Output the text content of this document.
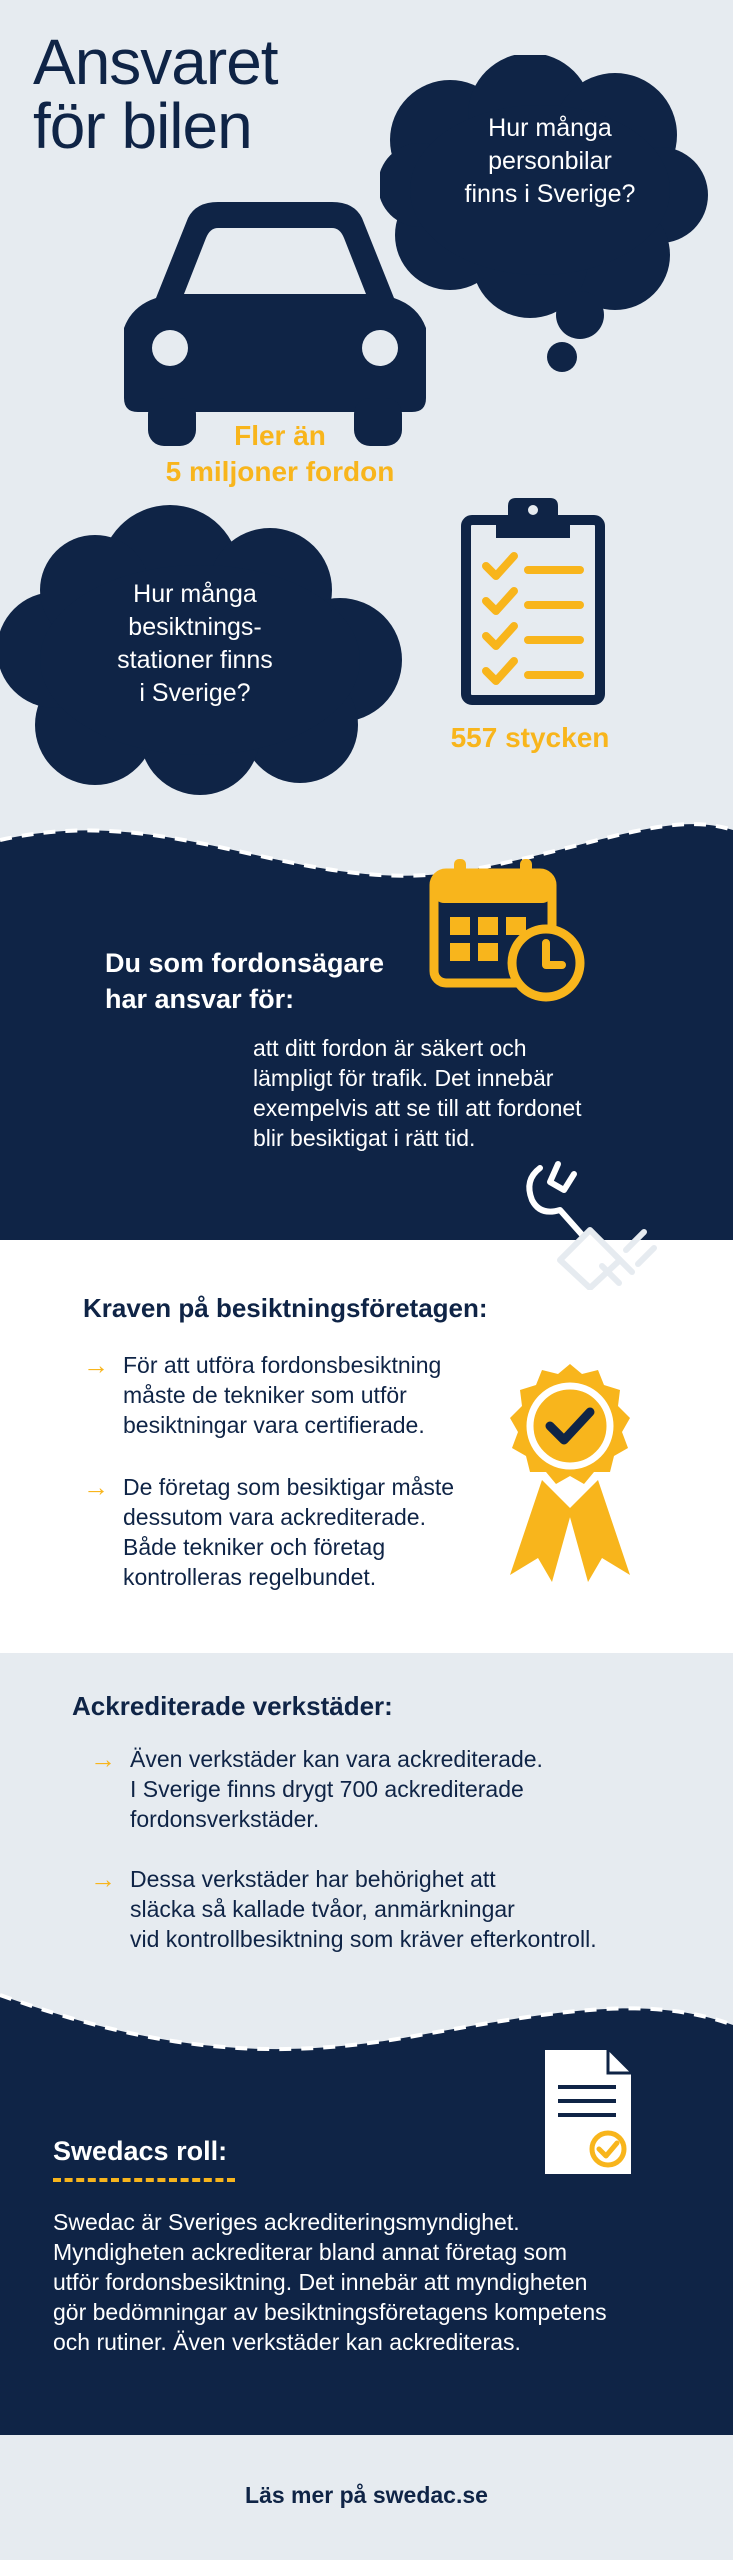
Ansvaret
för bilen	Hur många
personbilar
finns i Sverige?
Fler än
5 miljoner fordon
Hur många
besiktnings-
stationer finns
i Sverige?
557 stycken
Du som fordonsägare
har ansvar för:
att ditt fordon är säkert och
lämpligt för trafik. Det innebär
exempelvis att se till att fordonet
blir besiktigat i rätt tid.
Kraven på besiktningsföretagen:
→ För att utföra fordonsbesiktning
måste de tekniker som utför
besiktningar vara certifierade.
→ De företag som besiktigar måste
dessutom vara ackrediterade.
Både tekniker och företag
kontrolleras regelbundet.
Ackrediterade verkstäder:
→ Även verkstäder kan vara ackrediterade.
I Sverige finns drygt 700 ackrediterade
fordonsverkstäder.
→ Dessa verkstäder har behörighet att
släcka så kallade tvåor, anmärkningar
vid kontrollbesiktning som kräver efterkontroll.
Swedacs roll:
Swedac är Sveriges ackrediteringsmyndighet.
Myndigheten ackrediterar bland annat företag som
utför fordonsbesiktning. Det innebär att myndigheten
gör bedömningar av besiktningsföretagens kompetens
och rutiner. Även verkstäder kan ackrediteras.
Läs mer på swedac.se
